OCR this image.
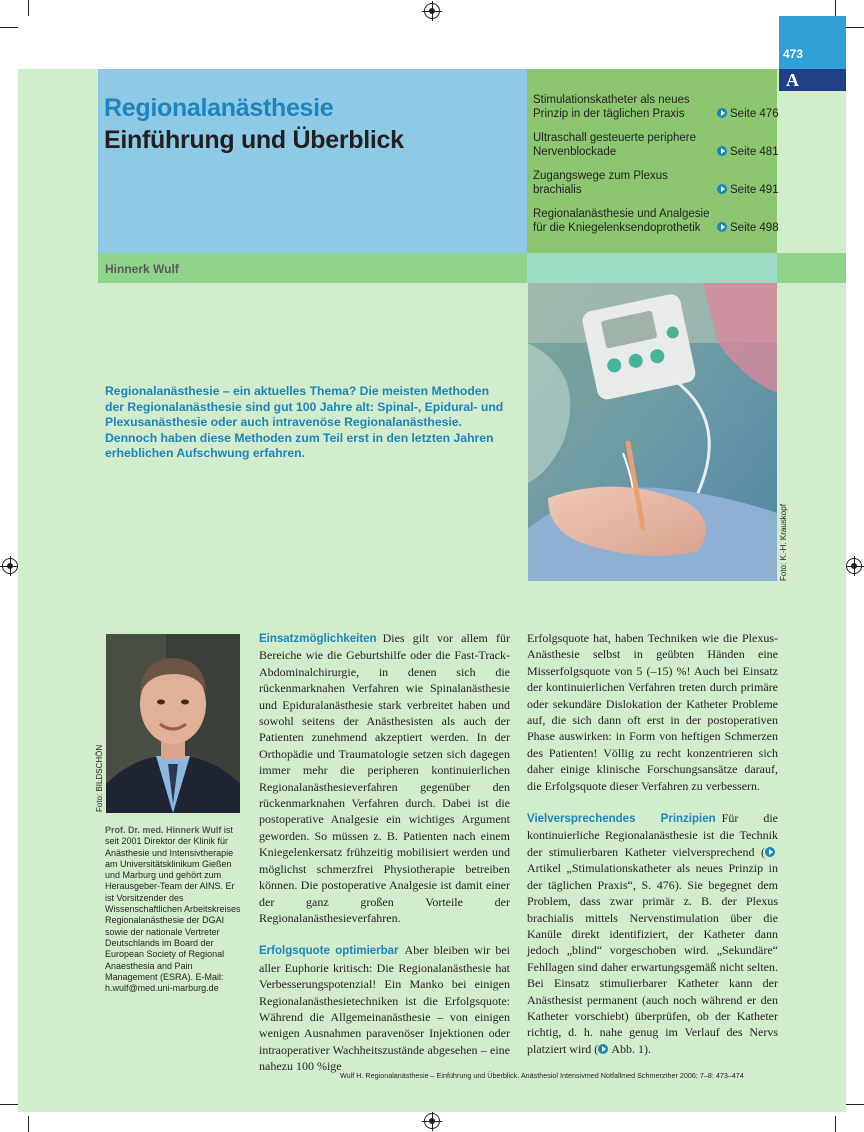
473
A
Regionalanästhesie
Einführung und Überblick
Stimulationskatheter als neues Prinzip in der täglichen Praxis	Seite 476
Ultraschall gesteuerte periphere Nervenblockade	Seite 481
Zugangswege zum Plexus brachialis	Seite 491
Regionalanästhesie und Analgesie für die Kniegelenksendoprothetik	Seite 498
Hinnerk Wulf
Foto: K.-H. Krauskopf

Regionalanästhesie – ein aktuelles Thema? Die meisten Methoden der Regionalanästhesie sind gut 100 Jahre alt: Spinal-, Epidural- und Plexusanästhesie oder auch intravenöse Regionalanästhesie. Dennoch haben diese Methoden zum Teil erst in den letzten Jahren erheblichen Aufschwung erfahren.

Foto: BILDSCHÖN

Prof. Dr. med. Hinnerk Wulf ist seit 2001 Direktor der Klinik für Anästhesie und Intensivtherapie am Universitätsklinikum Gießen und Marburg und gehört zum Herausgeber-Team der AINS. Er ist Vorsitzender des Wissenschaftlichen Arbeitskreises Regionalanästhesie der DGAI sowie der nationale Vertreter Deutschlands im Board der European Society of Regional Anaesthesia and Pain Management (ESRA). E-Mail: h.wulf@med.uni-marburg.de

Einsatzmöglichkeiten Dies gilt vor allem für Bereiche wie die Geburtshilfe oder die Fast-Track-Abdominalchirurgie, in denen sich die rückenmarknahen Verfahren wie Spinalanästhesie und Epiduralanästhesie stark verbreitet haben und sowohl seitens der Anästhesisten als auch der Patienten zunehmend akzeptiert werden. In der Orthopädie und Traumatologie setzen sich dagegen immer mehr die peripheren kontinuierlichen Regionalanästhesieverfahren gegenüber den rückenmarknahen Verfahren durch. Dabei ist die postoperative Analgesie ein wichtiges Argument geworden. So müssen z. B. Patienten nach einem Kniegelenkersatz frühzeitig mobilisiert werden und möglichst schmerzfrei Physiotherapie betreiben können. Die postoperative Analgesie ist damit einer der ganz großen Vorteile der Regionalanästhesieverfahren.

Erfolgsquote optimierbar Aber bleiben wir bei aller Euphorie kritisch: Die Regionalanästhesie hat Verbesserungspotenzial! Ein Manko bei einigen Regionalanästhesietechniken ist die Erfolgsquote: Während die Allgemeinanästhesie – von einigen wenigen Ausnahmen paravenöser Injektionen oder intraoperativer Wachheitszustände abgesehen – eine nahezu 100 %ige

Erfolgsquote hat, haben Techniken wie die Plexus-Anästhesie selbst in geübten Händen eine Misserfolgsquote von 5 (–15) %! Auch bei Einsatz der kontinuierlichen Verfahren treten durch primäre oder sekundäre Dislokation der Katheter Probleme auf, die sich dann oft erst in der postoperativen Phase auswirken: in Form von heftigen Schmerzen des Patienten! Völlig zu recht konzentrieren sich daher einige klinische Forschungsansätze darauf, die Erfolgsquote dieser Verfahren zu verbessern.

Vielversprechendes Prinzipien Für die kontinuierliche Regionalanästhesie ist die Technik der stimulierbaren Katheter vielversprechend (Artikel „Stimulationskatheter als neues Prinzip in der täglichen Praxis“, S. 476). Sie begegnet dem Problem, dass zwar primär z. B. der Plexus brachialis mittels Nervenstimulation über die Kanüle direkt identifiziert, der Katheter dann jedoch „blind“ vorgeschoben wird. „Sekundäre“ Fehllagen sind daher erwartungsgemäß nicht selten. Bei Einsatz stimulierbarer Katheter kann der Anästhesist permanent (auch noch während er den Katheter vorschiebt) überprüfen, ob der Katheter richtig, d. h. nahe genug im Verlauf des Nervs platziert wird ( Abb. 1).

Wulf H. Regionalanästhesie – Einführung und Überblick. Anästhesiol Intensivmed Notfallmed Schmerzther 2006; 7–8: 473–474
